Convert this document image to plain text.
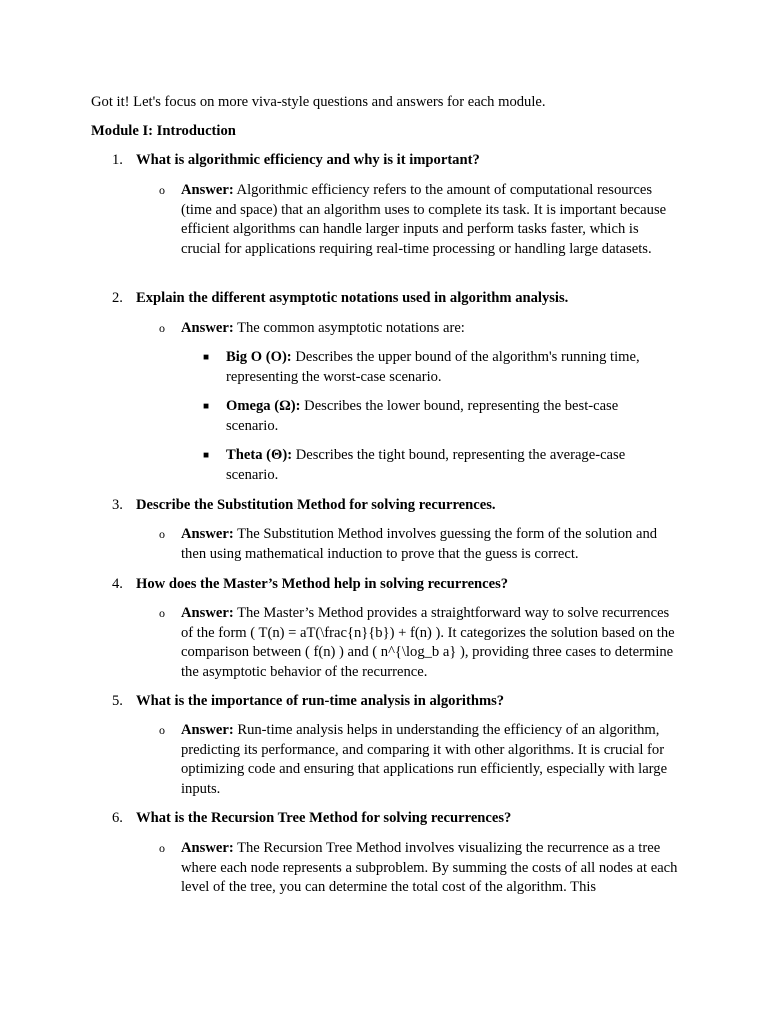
Got it! Let's focus on more viva-style questions and answers for each module.
Module I: Introduction
1. What is algorithmic efficiency and why is it important?
o	Answer: Algorithmic efficiency refers to the amount of computational resources (time and space) that an algorithm uses to complete its task. It is important because efficient algorithms can handle larger inputs and perform tasks faster, which is crucial for applications requiring real-time processing or handling large datasets.
2. Explain the different asymptotic notations used in algorithm analysis.
o	Answer: The common asymptotic notations are:
■ Big O (O): Describes the upper bound of the algorithm's running time, representing the worst-case scenario.
■ Omega (Ω): Describes the lower bound, representing the best-case scenario.
■ Theta (Θ): Describes the tight bound, representing the average-case scenario.
3. Describe the Substitution Method for solving recurrences.
o	Answer: The Substitution Method involves guessing the form of the solution and then using mathematical induction to prove that the guess is correct.
4. How does the Master’s Method help in solving recurrences?
o	Answer: The Master’s Method provides a straightforward way to solve recurrences of the form ( T(n) = aT(\frac{n}{b}) + f(n) ). It categorizes the solution based on the comparison between ( f(n) ) and ( n^{\log_b a} ), providing three cases to determine the asymptotic behavior of the recurrence.
5. What is the importance of run-time analysis in algorithms?
o	Answer: Run-time analysis helps in understanding the efficiency of an algorithm, predicting its performance, and comparing it with other algorithms. It is crucial for optimizing code and ensuring that applications run efficiently, especially with large inputs.
6. What is the Recursion Tree Method for solving recurrences?
o	Answer: The Recursion Tree Method involves visualizing the recurrence as a tree where each node represents a subproblem. By summing the costs of all nodes at each level of the tree, you can determine the total cost of the algorithm. This
